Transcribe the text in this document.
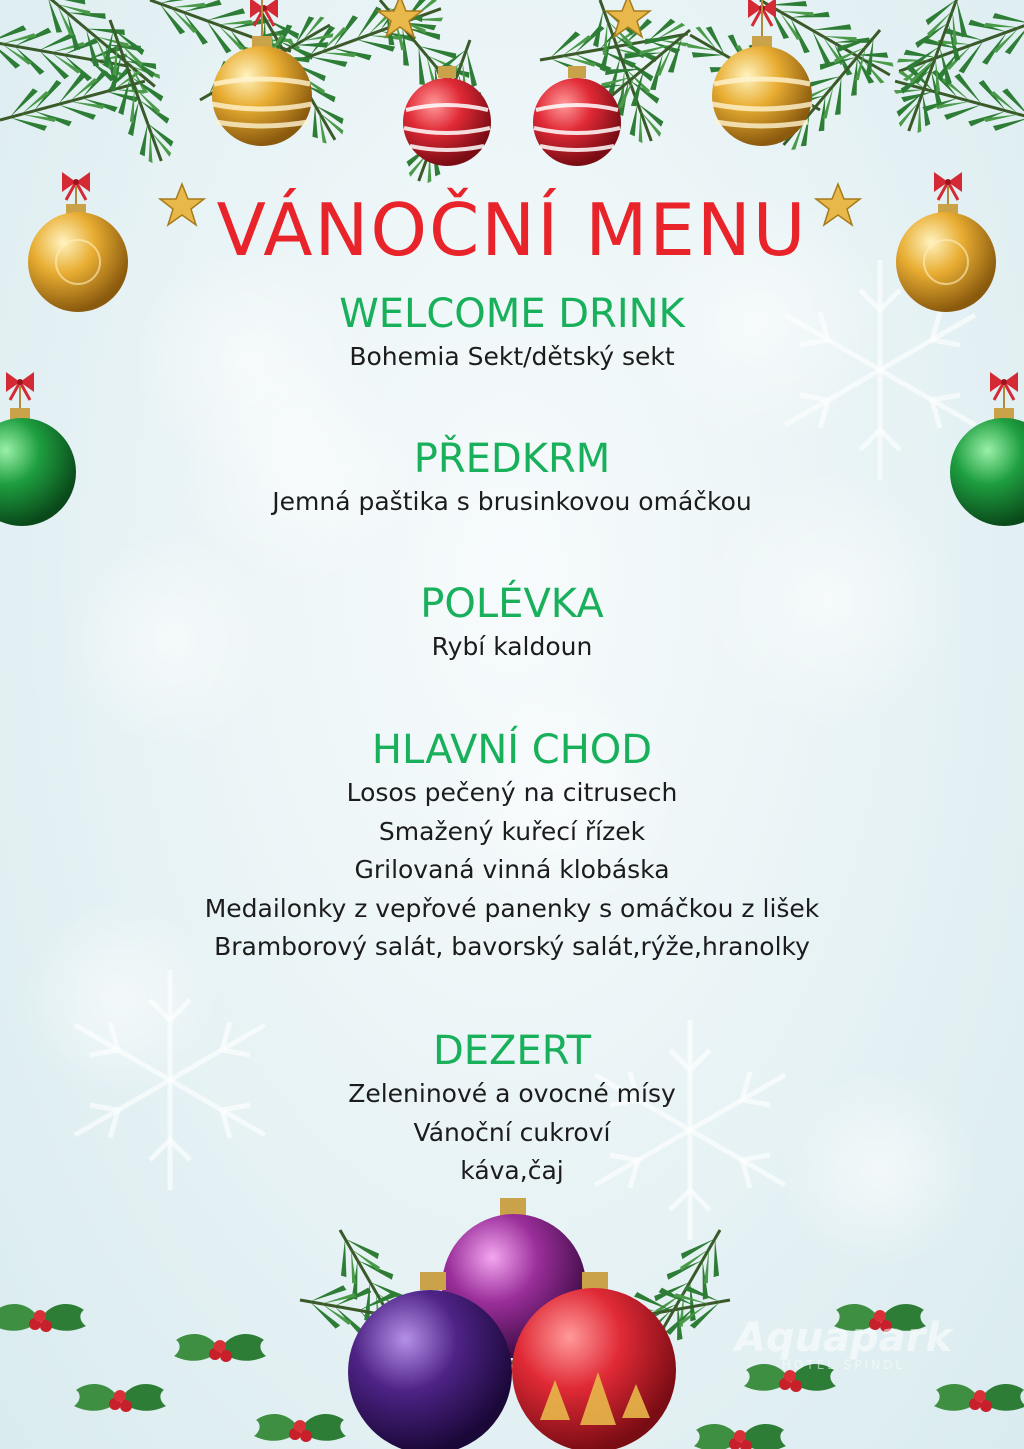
VÁNOČNÍ MENU
WELCOME DRINK
Bohemia Sekt/dětský sekt
PŘEDKRM
Jemná paštika s brusinkovou omáčkou
POLÉVKA
Rybí kaldoun
HLAVNÍ CHOD
Losos pečený na citrusech
Smažený kuřecí řízek
Grilovaná vinná klobáska
Medailonky z vepřové panenky s omáčkou z lišek
Bramborový salát, bavorský salát,rýže,hranolky
DEZERT
Zeleninové a ovocné mísy
Vánoční cukroví
káva,čaj
Aquapark
HOTEL ŠPINDL
